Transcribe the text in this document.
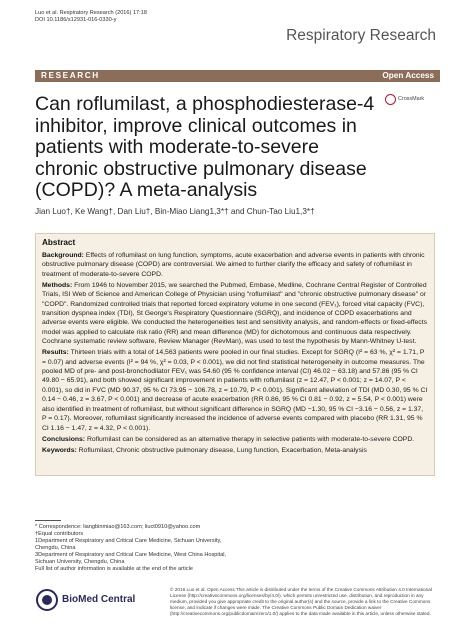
Luo et al. Respiratory Research (2016) 17:18
DOI 10.1186/s12931-016-0330-y
Respiratory Research
RESEARCH	Open Access
Can roflumilast, a phosphodiesterase-4 inhibitor, improve clinical outcomes in patients with moderate-to-severe chronic obstructive pulmonary disease (COPD)? A meta-analysis
CrossMark
Jian Luo†, Ke Wang†, Dan Liu†, Bin-Miao Liang1,3*† and Chun-Tao Liu1,3*†
Abstract

Background: Effects of roflumilast on lung function, symptoms, acute exacerbation and adverse events in patients with chronic obstructive pulmonary disease (COPD) are controversial. We aimed to further clarify the efficacy and safety of roflumilast in treatment of moderate-to-severe COPD.

Methods: From 1946 to November 2015, we searched the Pubmed, Embase, Medline, Cochrane Central Register of Controlled Trials, ISI Web of Science and American College of Physician using "roflumilast" and "chronic obstructive pulmonary disease" or "COPD". Randomized controlled trials that reported forced expiratory volume in one second (FEV₁), forced vital capacity (FVC), transition dyspnea index (TDI), St George's Respiratory Questionnaire (SGRQ), and incidence of COPD exacerbations and adverse events were eligible. We conducted the heterogeneities test and sensitivity analysis, and random-effects or fixed-effects model was applied to calculate risk ratio (RR) and mean difference (MD) for dichotomous and continuous data respectively. Cochrane systematic review software, Review Manager (RevMan), was used to test the hypothesis by Mann-Whitney U-test.

Results: Thirteen trials with a total of 14,563 patients were pooled in our final studies. Except for SGRQ (I² = 63 %, χ² = 1.71, P = 0.07) and adverse events (I² = 94 %, χ² = 0.03, P < 0.001), we did not find statistical heterogeneity in outcome measures. The pooled MD of pre- and post-bronchodilator FEV₁ was 54.60 (95 % confidence interval (CI) 46.02 − 63.18) and 57.86 (95 % CI 49.80 − 65.91), and both showed significant improvement in patients with roflumilast (z = 12.47, P < 0.001; z = 14.07, P < 0.001), so did in FVC (MD 90.37, 95 % CI 73.95 − 106.78, z = 10.79, P < 0.001). Significant alleviation of TDI (MD 0.30, 95 % CI 0.14 − 0.46, z = 3.67, P < 0.001) and decrease of acute exacerbation (RR 0.86, 95 % CI 0.81 − 0.92, z = 5.54, P < 0.001) were also identified in treatment of roflumilast, but without significant difference in SGRQ (MD −1.30, 95 % CI −3.16 − 0.56, z = 1.37, P = 0.17). Moreover, roflumilast significantly increased the incidence of adverse events compared with placebo (RR 1.31, 95 % CI 1.16 − 1.47, z = 4.32, P < 0.001).

Conclusions: Roflumilast can be considered as an alternative therapy in selective patients with moderate-to-severe COPD.

Keywords: Roflumilast, Chronic obstructive pulmonary disease, Lung function, Exacerbation, Meta-analysis

* Correspondence: liangbinmiao@163.com; liuct0910@yahoo.com
†Equal contributors
1Department of Respiratory and Critical Care Medicine, Sichuan University, Chengdu, China
3Department of Respiratory and Critical Care Medicine, West China Hospital, Sichuan University, Chengdu, China
Full list of author information is available at the end of the article
BioMed Central
© 2016 Luo et al. Open Access This article is distributed under the terms of the Creative Commons Attribution 4.0 International License (http://creativecommons.org/licenses/by/4.0/), which permits unrestricted use, distribution, and reproduction in any medium, provided you give appropriate credit to the original author(s) and the source, provide a link to the Creative Commons license, and indicate if changes were made. The Creative Commons Public Domain Dedication waiver (http://creativecommons.org/publicdomain/zero/1.0/) applies to the data made available in this article, unless otherwise stated.
